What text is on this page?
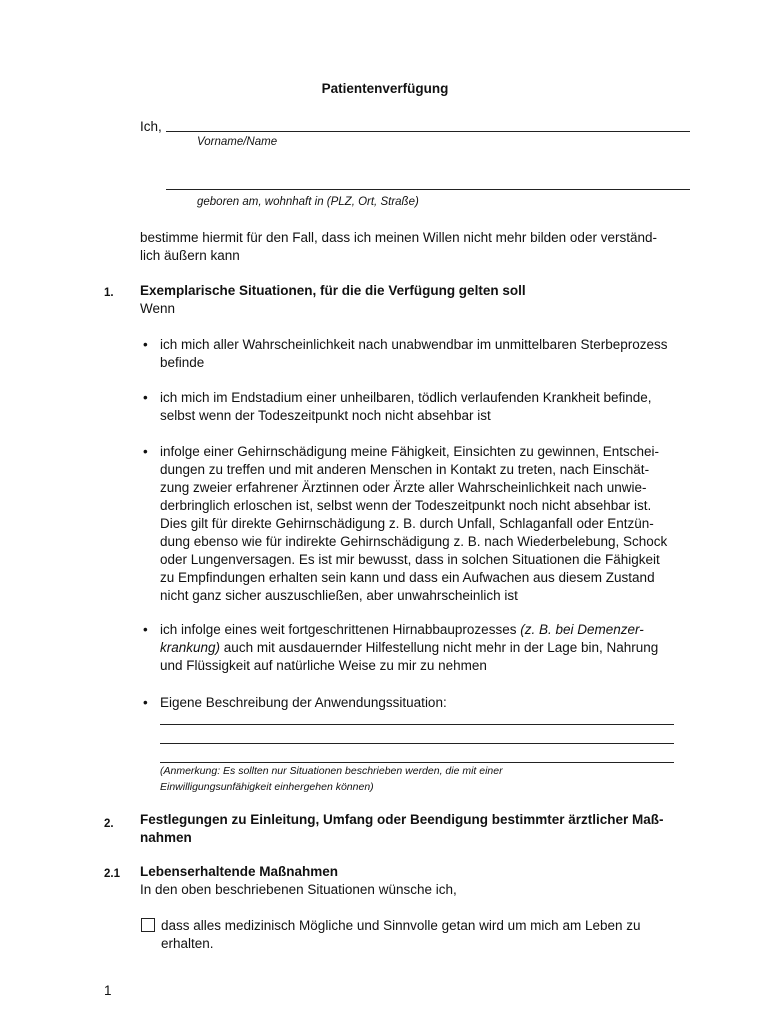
Patientenverfügung
Ich,
Vorname/Name
geboren am, wohnhaft in (PLZ, Ort, Straße)
bestimme hiermit für den Fall, dass ich meinen Willen nicht mehr bilden oder verständ-
lich äußern kann
1. Exemplarische Situationen, für die die Verfügung gelten soll
Wenn
• ich mich aller Wahrscheinlichkeit nach unabwendbar im unmittelbaren Sterbeprozess
befinde
• ich mich im Endstadium einer unheilbaren, tödlich verlaufenden Krankheit befinde,
selbst wenn der Todeszeitpunkt noch nicht absehbar ist
• infolge einer Gehirnschädigung meine Fähigkeit, Einsichten zu gewinnen, Entschei-
dungen zu treffen und mit anderen Menschen in Kontakt zu treten, nach Einschät-
zung zweier erfahrener Ärztinnen oder Ärzte aller Wahrscheinlichkeit nach unwie-
derbringlich erloschen ist, selbst wenn der Todeszeitpunkt noch nicht absehbar ist.
Dies gilt für direkte Gehirnschädigung z. B. durch Unfall, Schlaganfall oder Entzün-
dung ebenso wie für indirekte Gehirnschädigung z. B. nach Wiederbelebung, Schock
oder Lungenversagen. Es ist mir bewusst, dass in solchen Situationen die Fähigkeit
zu Empfindungen erhalten sein kann und dass ein Aufwachen aus diesem Zustand
nicht ganz sicher auszuschließen, aber unwahrscheinlich ist
• ich infolge eines weit fortgeschrittenen Hirnabbauprozesses (z. B. bei Demenzer-
krankung) auch mit ausdauernder Hilfestellung nicht mehr in der Lage bin, Nahrung
und Flüssigkeit auf natürliche Weise zu mir zu nehmen
• Eigene Beschreibung der Anwendungssituation:
(Anmerkung: Es sollten nur Situationen beschrieben werden, die mit einer
Einwilligungsunfähigkeit einhergehen können)
2. Festlegungen zu Einleitung, Umfang oder Beendigung bestimmter ärztlicher Maß-
nahmen
2.1 Lebenserhaltende Maßnahmen
In den oben beschriebenen Situationen wünsche ich,
dass alles medizinisch Mögliche und Sinnvolle getan wird um mich am Leben zu
erhalten.
1
